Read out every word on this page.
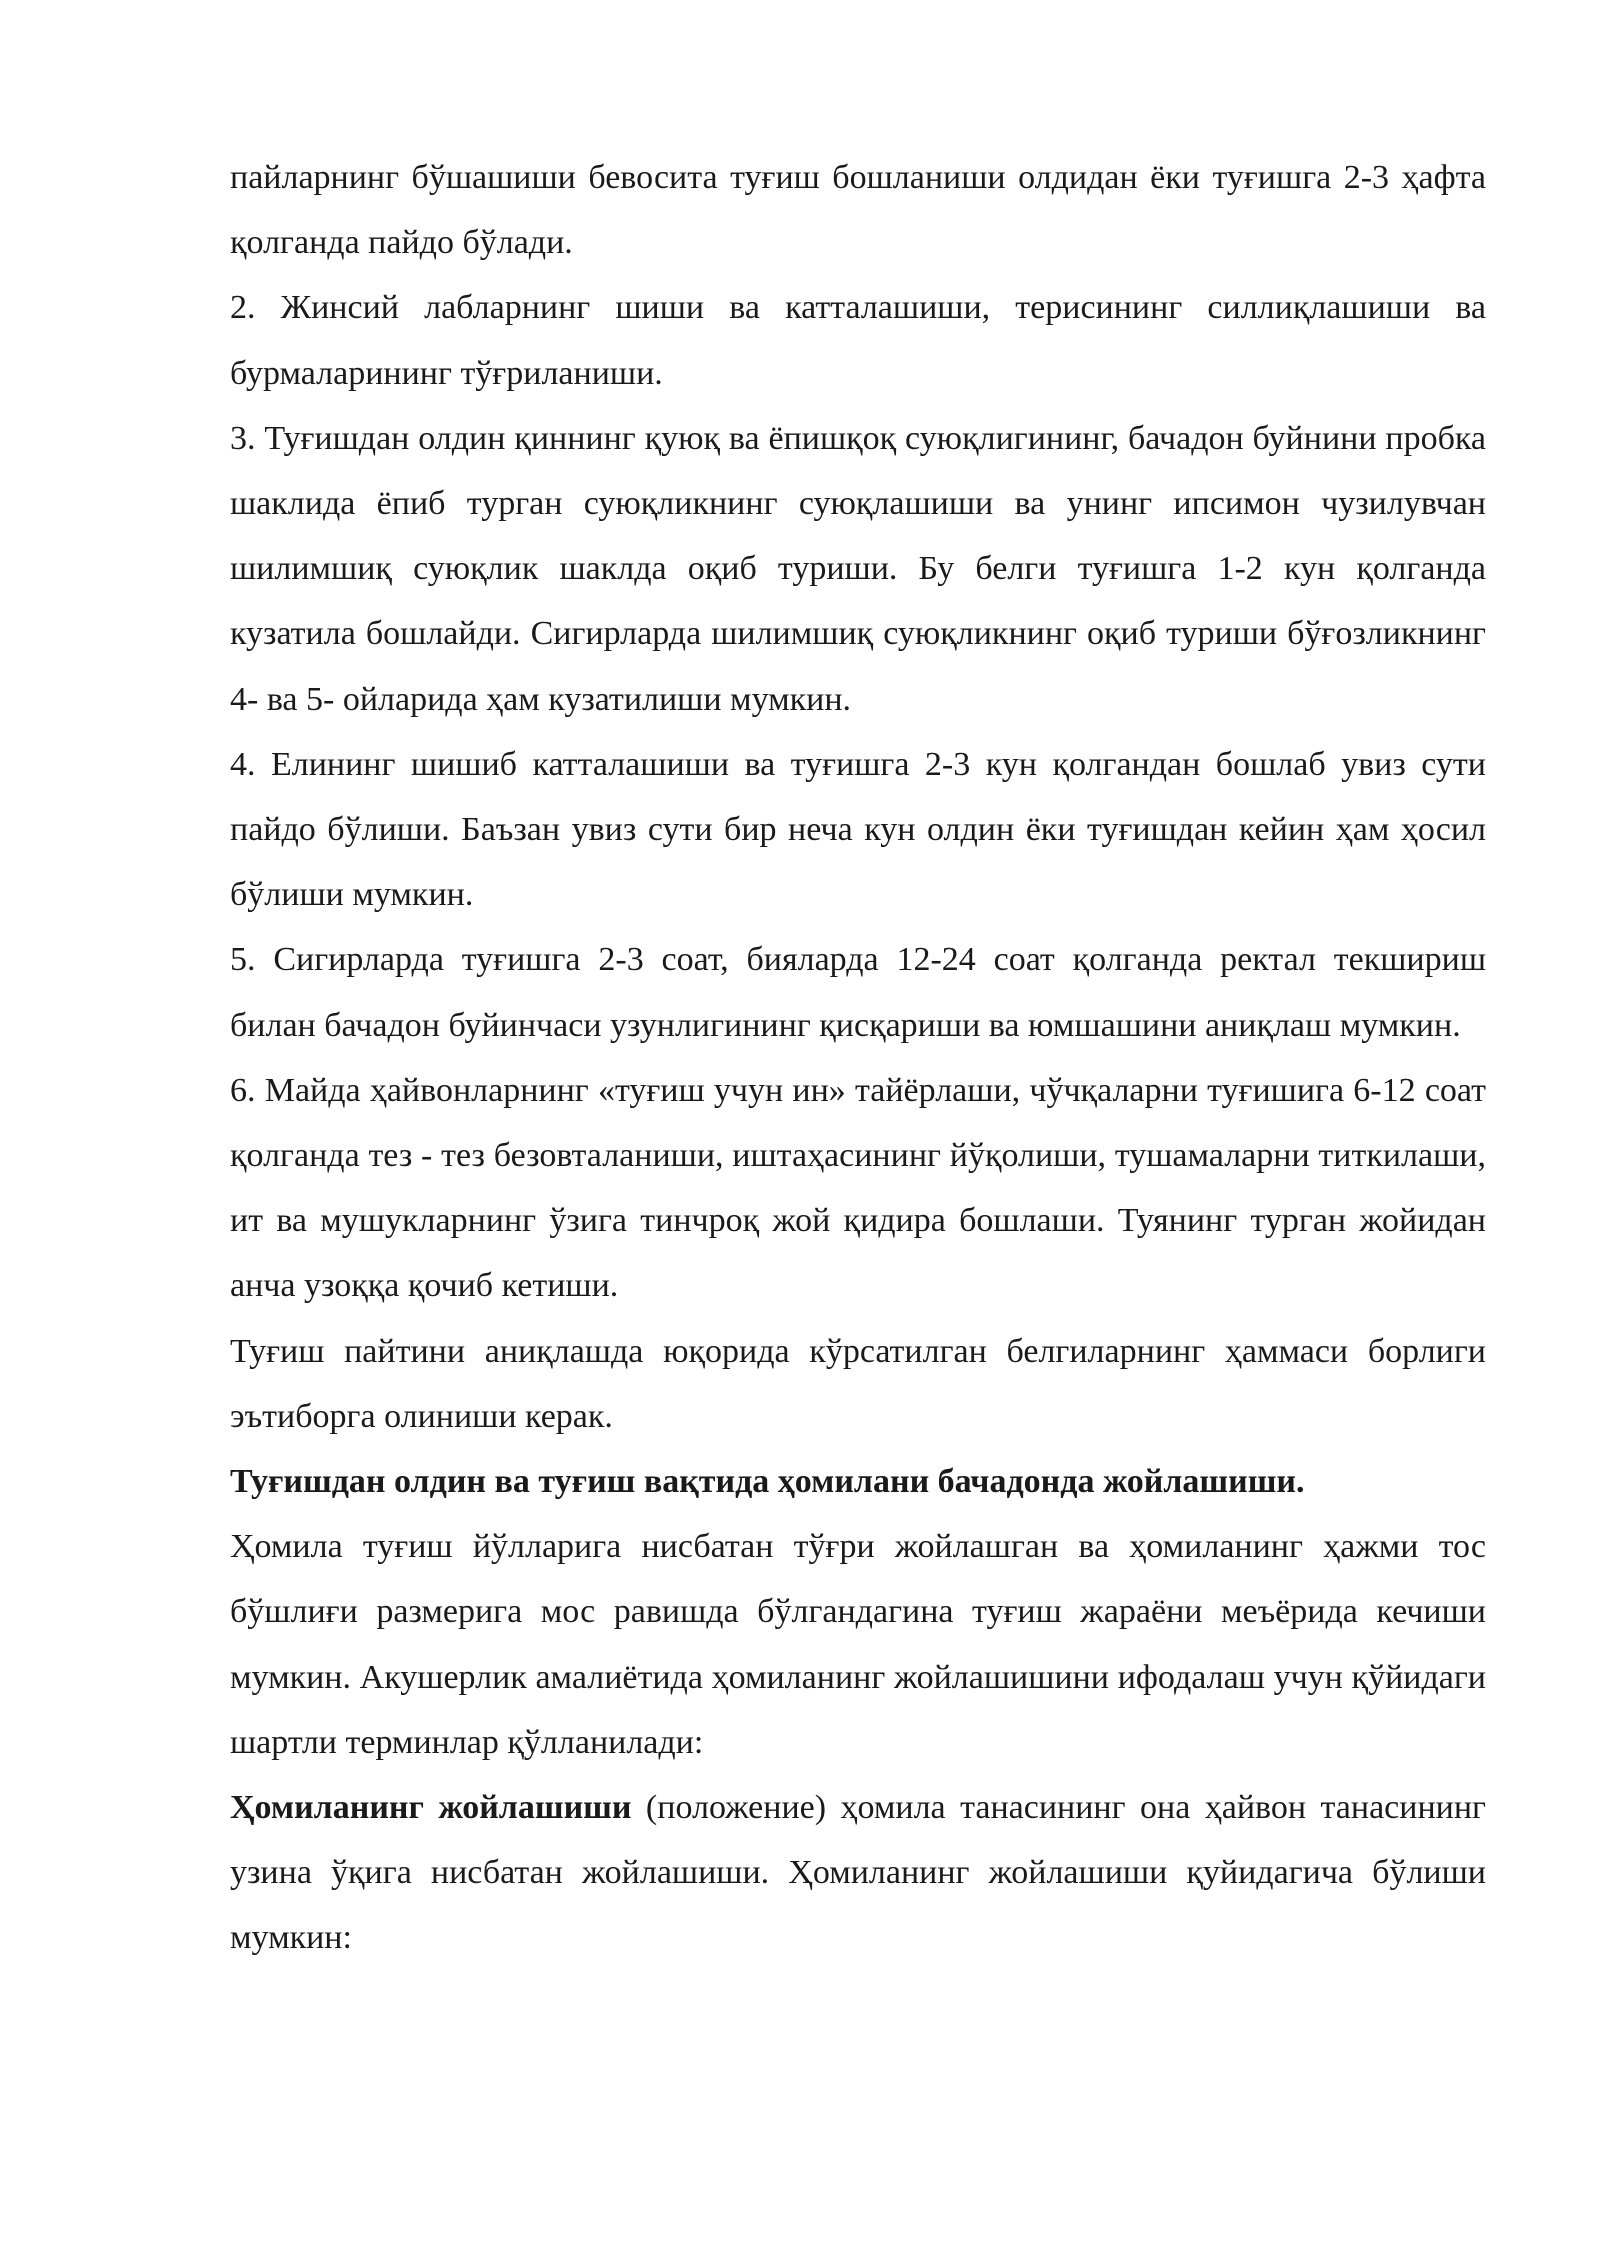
пайларнинг бўшашиши бевосита туғиш бошланиши олдидан ёки туғишга 2-3 ҳафта қолганда пайдо бўлади.

2. Жинсий лабларнинг шиши ва катталашиши, терисининг силлиқлашиши ва бурмаларининг тўғриланиши.

3. Туғишдан олдин қиннинг қуюқ ва ёпишқоқ суюқлигининг, бачадон буйнини пробка шаклида ёпиб турган суюқликнинг суюқлашиши ва унинг ипсимон чузилувчан шилимшиқ суюқлик шаклда оқиб туриши. Бу белги туғишга 1-2 кун қолганда кузатила бошлайди. Сигирларда шилимшиқ суюқликнинг оқиб туриши бўғозликнинг 4- ва 5- ойларида ҳам кузатилиши мумкин.

4. Елининг шишиб катталашиши ва туғишга 2-3 кун қолгандан бошлаб увиз сути пайдо бўлиши. Баъзан увиз сути бир неча кун олдин ёки туғишдан кейин ҳам ҳосил бўлиши мумкин.

5. Сигирларда туғишга 2-3 соат, бияларда 12-24 соат қолганда ректал текшириш билан бачадон буйинчаси узунлигининг қисқариши ва юмшашини аниқлаш мумкин.

6. Майда ҳайвонларнинг «туғиш учун ин» тайёрлаши, чўчқаларни туғишига 6-12 соат қолганда тез - тез безовталаниши, иштаҳасининг йўқолиши, тушамаларни титкилаши, ит ва мушукларнинг ўзига тинчроқ жой қидира бошлаши. Туянинг турган жойидан анча узоққа қочиб кетиши.

Туғиш пайтини аниқлашда юқорида кўрсатилган белгиларнинг ҳаммаси борлиги эътиборга олиниши керак.

Туғишдан олдин ва туғиш вақтида ҳомилани бачадонда жойлашиши.

Ҳомила туғиш йўлларига нисбатан тўғри жойлашган ва ҳомиланинг ҳажми тос бўшлиғи размерига мос равишда бўлгандагина туғиш жараёни меъёрида кечиши мумкин. Акушерлик амалиётида ҳомиланинг жойлашишини ифодалаш учун қўйидаги шартли терминлар қўлланилади:

Ҳомиланинг жойлашиши (положение) ҳомила танасининг она ҳайвон танасининг узина ўқига нисбатан жойлашиши. Ҳомиланинг жойлашиши қуйидагича бўлиши мумкин:
